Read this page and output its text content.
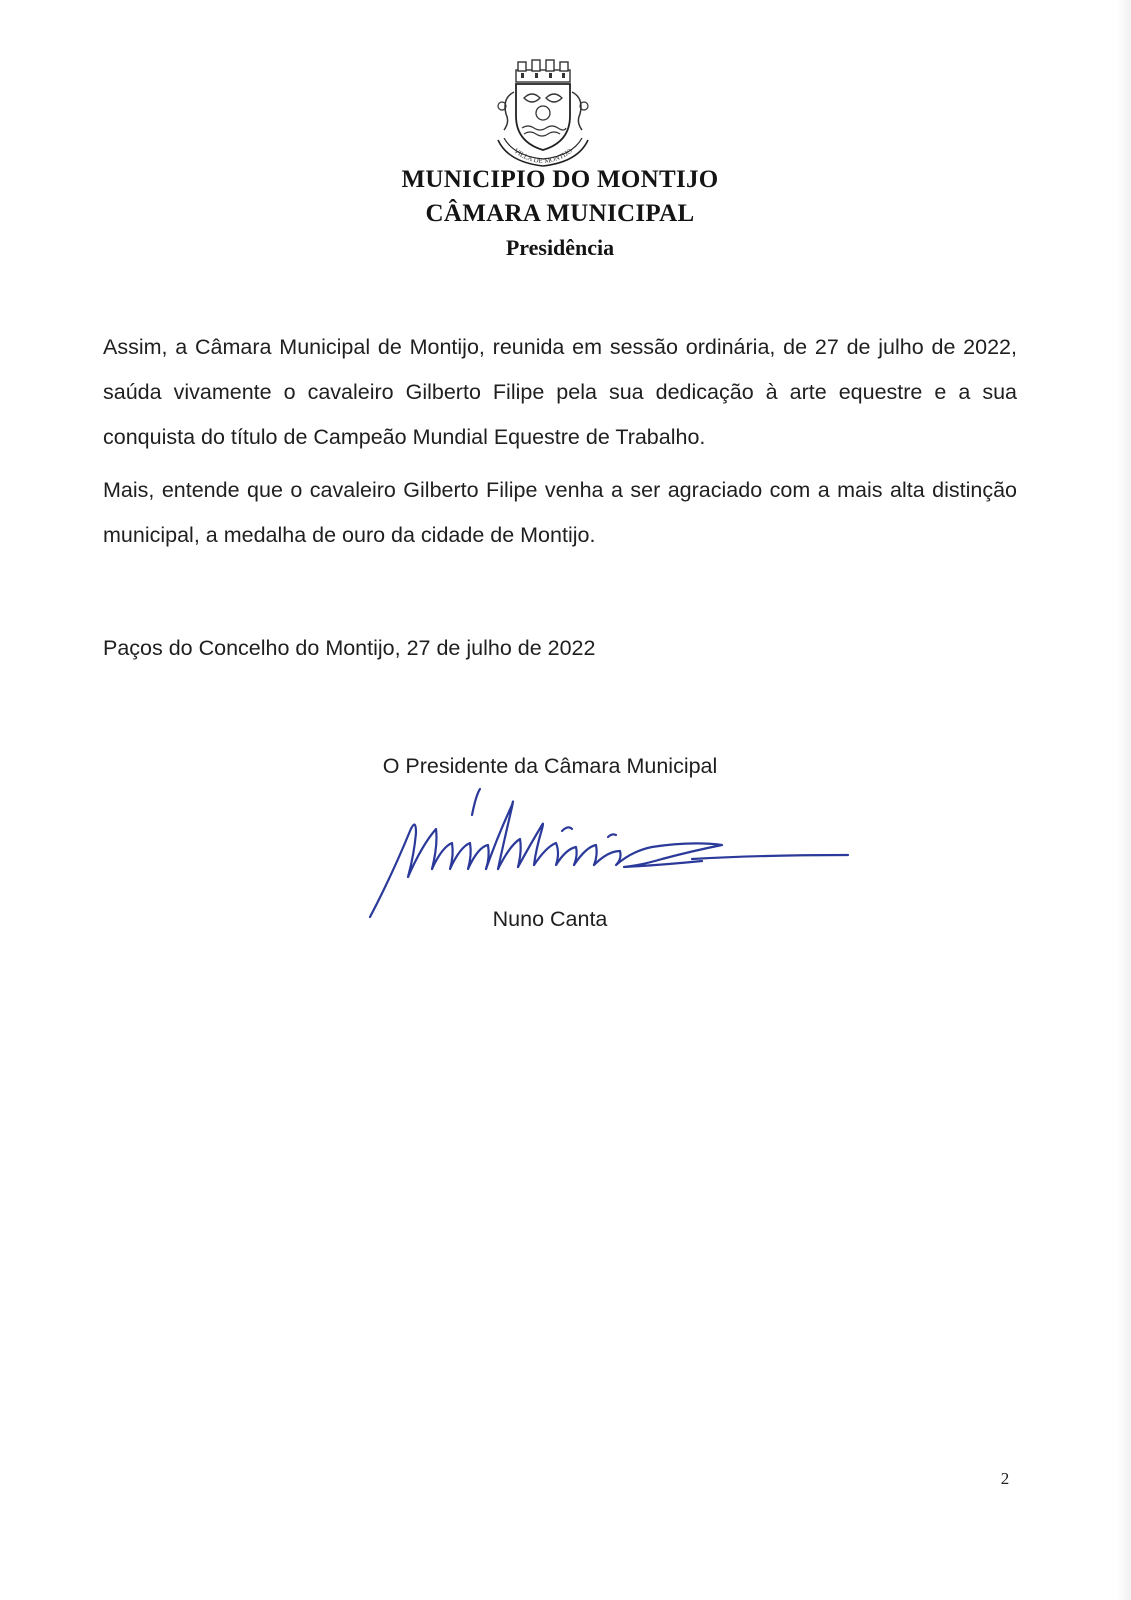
VILLA DE MONTIJO
MUNICIPIO DO MONTIJO
CÂMARA MUNICIPAL
Presidência
Assim, a Câmara Municipal de Montijo, reunida em sessão ordinária, de 27 de julho de 2022,
saúda vivamente o cavaleiro Gilberto Filipe pela sua dedicação à arte equestre e a sua
conquista do título de Campeão Mundial Equestre de Trabalho.
Mais, entende que o cavaleiro Gilberto Filipe venha a ser agraciado com a mais alta distinção
municipal, a medalha de ouro da cidade de Montijo.
Paços do Concelho do Montijo, 27 de julho de 2022
O Presidente da Câmara Municipal
Nuno Canta
2
